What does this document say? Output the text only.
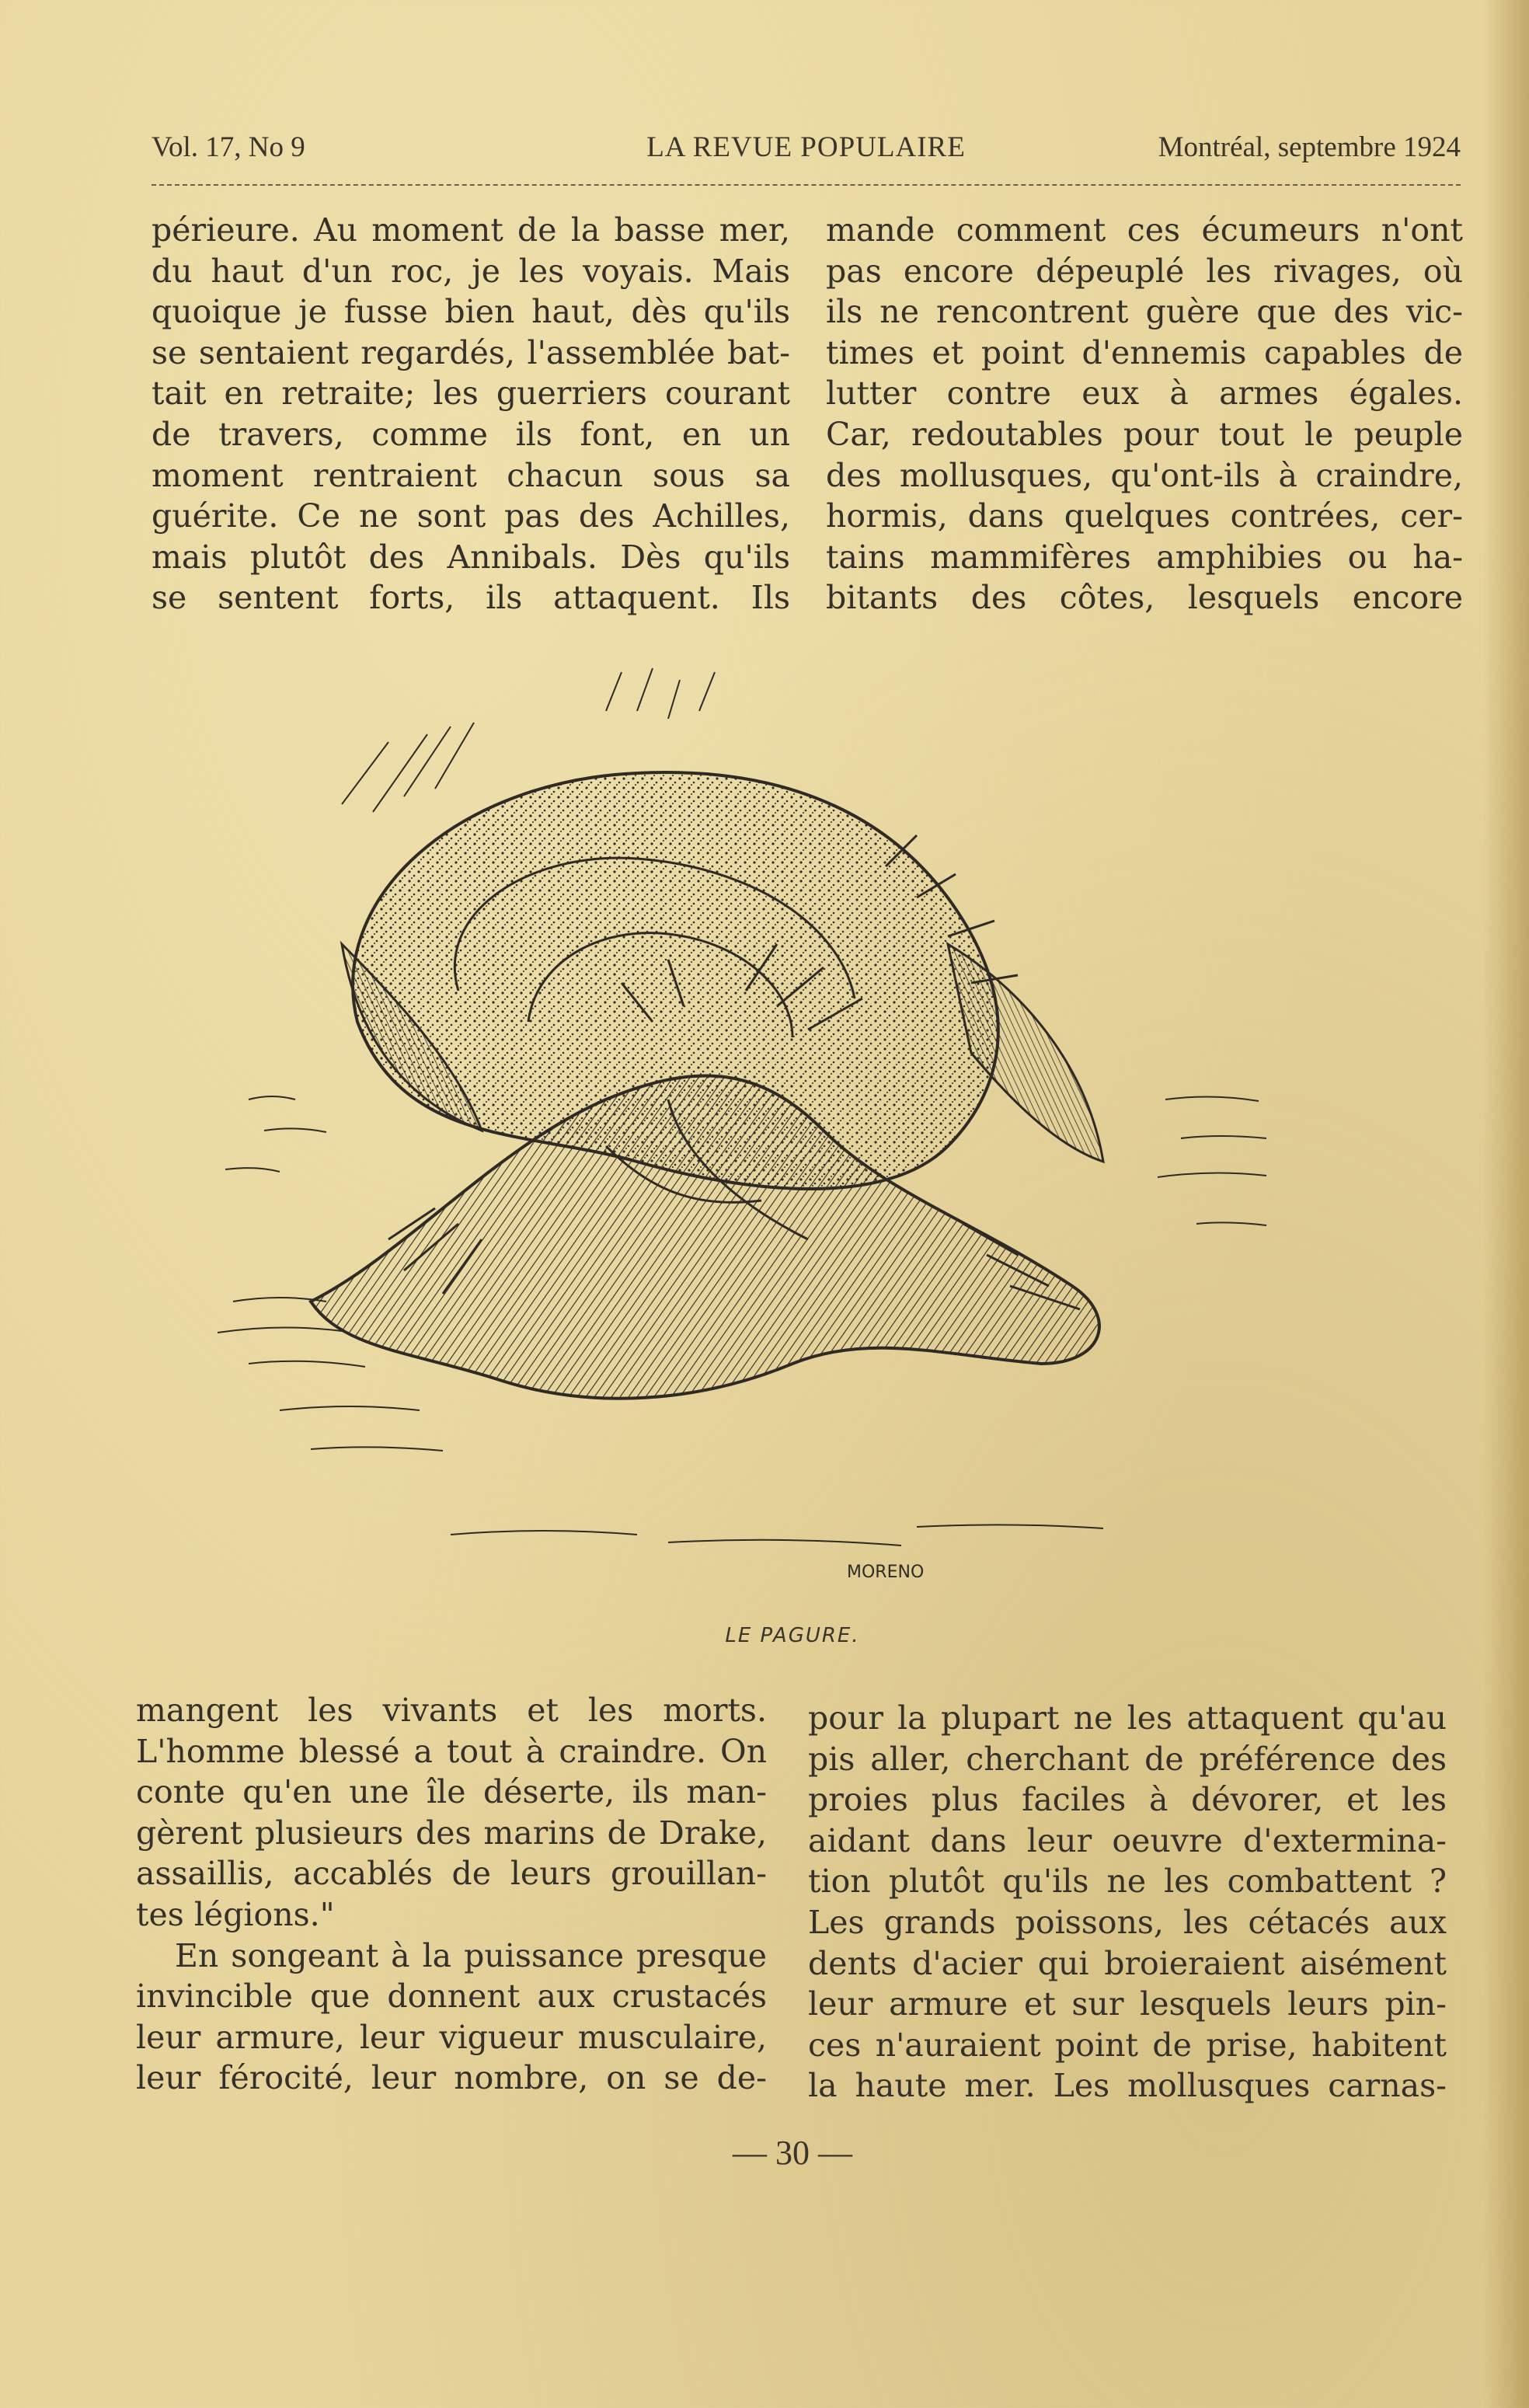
Vol. 17, No 9	LA REVUE POPULAIRE	Montréal, septembre 1924
périeure. Au moment de la basse mer,
du haut d'un roc, je les voyais. Mais
quoique je fusse bien haut, dès qu'ils
se sentaient regardés, l'assemblée bat-
tait en retraite; les guerriers courant
de travers, comme ils font, en un
moment rentraient chacun sous sa
guérite. Ce ne sont pas des Achilles,
mais plutôt des Annibals. Dès qu'ils
se sentent forts, ils attaquent. Ils
mande comment ces écumeurs n'ont
pas encore dépeuplé les rivages, où
ils ne rencontrent guère que des vic-
times et point d'ennemis capables de
lutter contre eux à armes égales.
Car, redoutables pour tout le peuple
des mollusques, qu'ont-ils à craindre,
hormis, dans quelques contrées, cer-
tains mammifères amphibies ou ha-
bitants des côtes, lesquels encore
MORENO
LE PAGURE.
mangent les vivants et les morts.
L'homme blessé a tout à craindre. On
conte qu'en une île déserte, ils man-
gèrent plusieurs des marins de Drake,
assaillis, accablés de leurs grouillan-
tes légions."
En songeant à la puissance presque
invincible que donnent aux crustacés
leur armure, leur vigueur musculaire,
leur férocité, leur nombre, on se de-
pour la plupart ne les attaquent qu'au
pis aller, cherchant de préférence des
proies plus faciles à dévorer, et les
aidant dans leur oeuvre d'extermina-
tion plutôt qu'ils ne les combattent ?
Les grands poissons, les cétacés aux
dents d'acier qui broieraient aisément
leur armure et sur lesquels leurs pin-
ces n'auraient point de prise, habitent
la haute mer. Les mollusques carnas-
— 30 —
